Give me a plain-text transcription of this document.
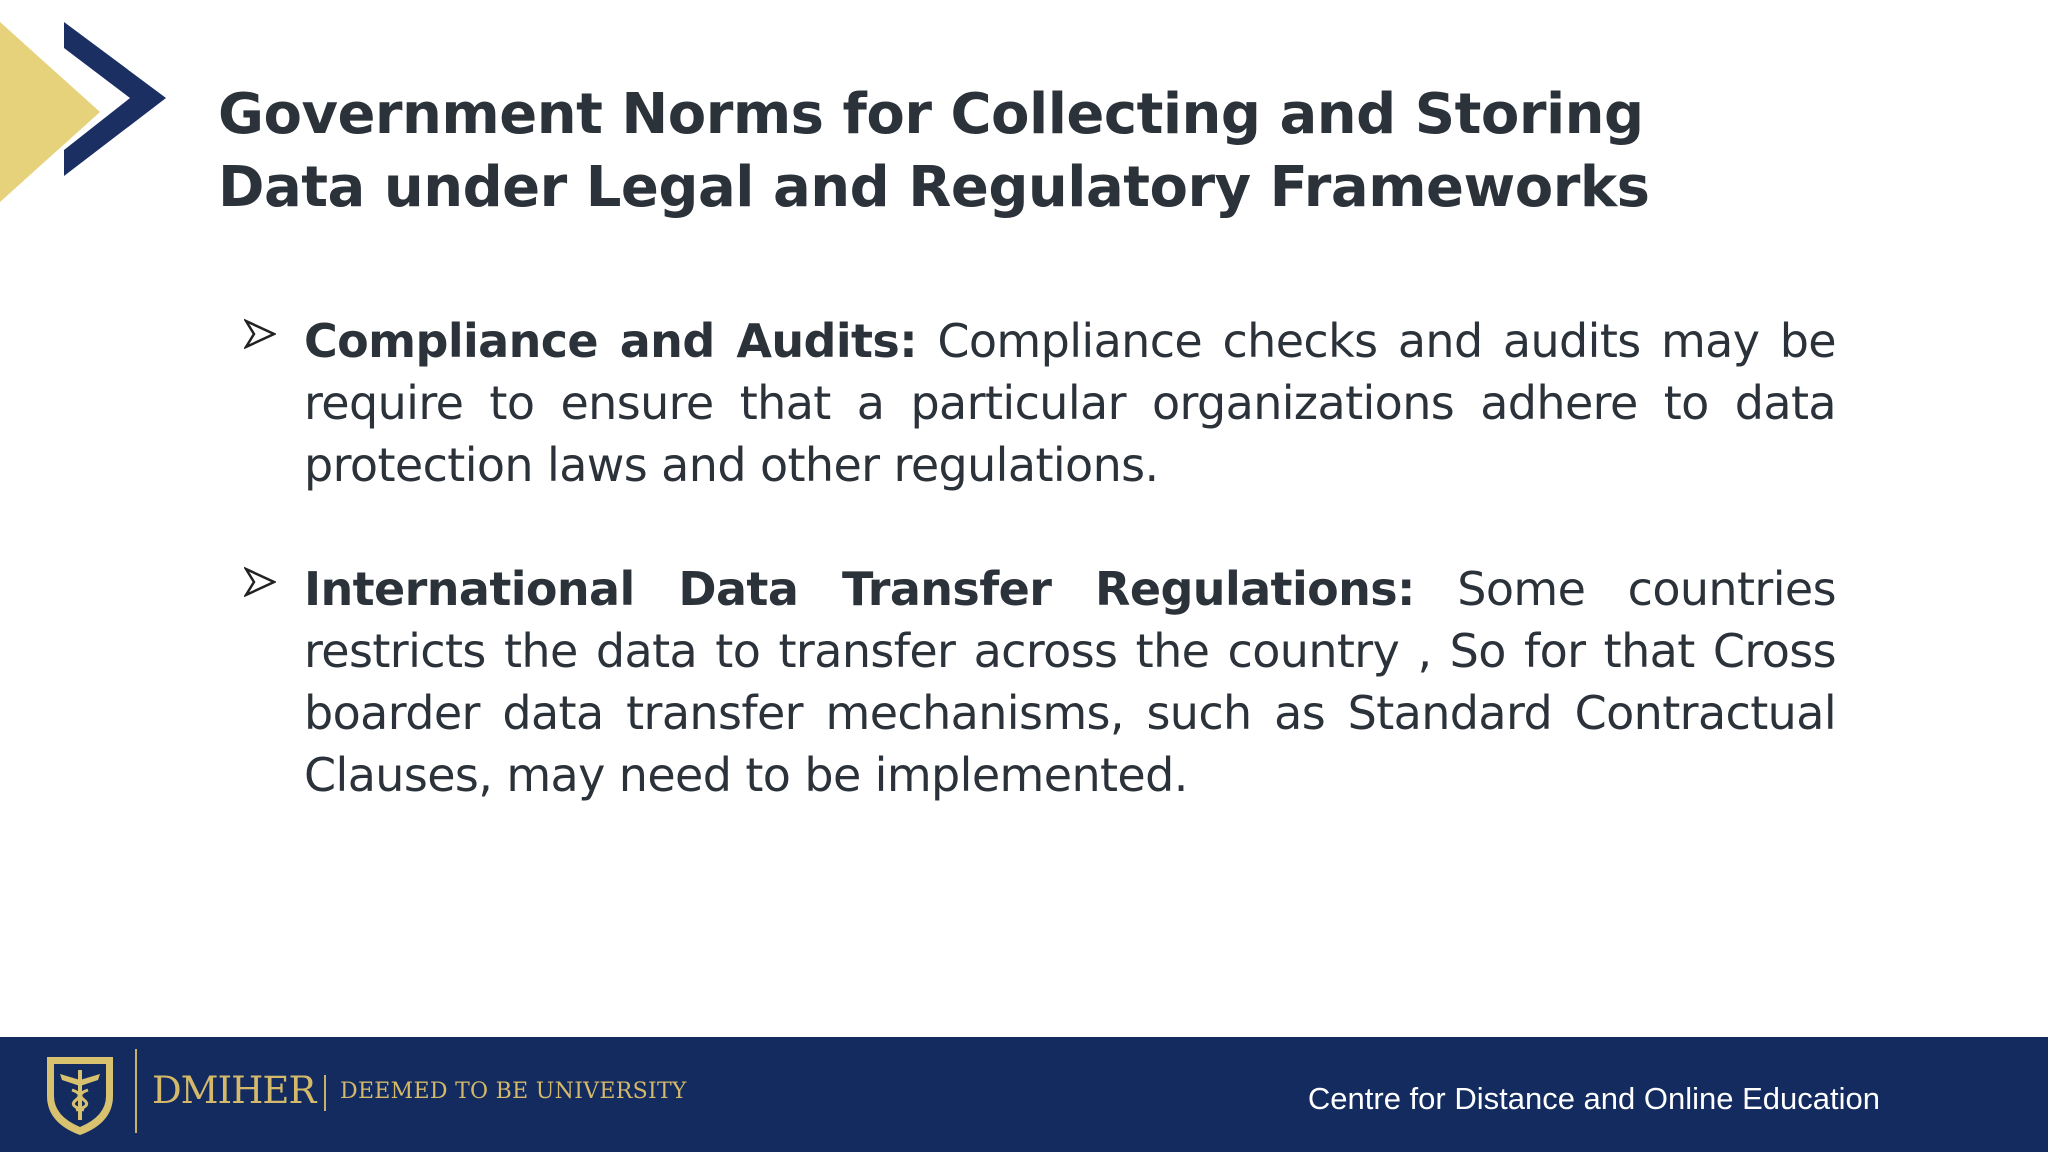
Government Norms for Collecting and Storing
Data under Legal and Regulatory Frameworks

Compliance and Audits: Compliance checks and audits may be require to ensure that a particular organizations adhere to data protection laws and other regulations.

International Data Transfer Regulations: Some countries restricts the data to transfer across the country , So for that Cross boarder data transfer mechanisms, such as Standard Contractual Clauses, may need to be implemented.

DMIHER DEEMED TO BE UNIVERSITY	Centre for Distance and Online Education
